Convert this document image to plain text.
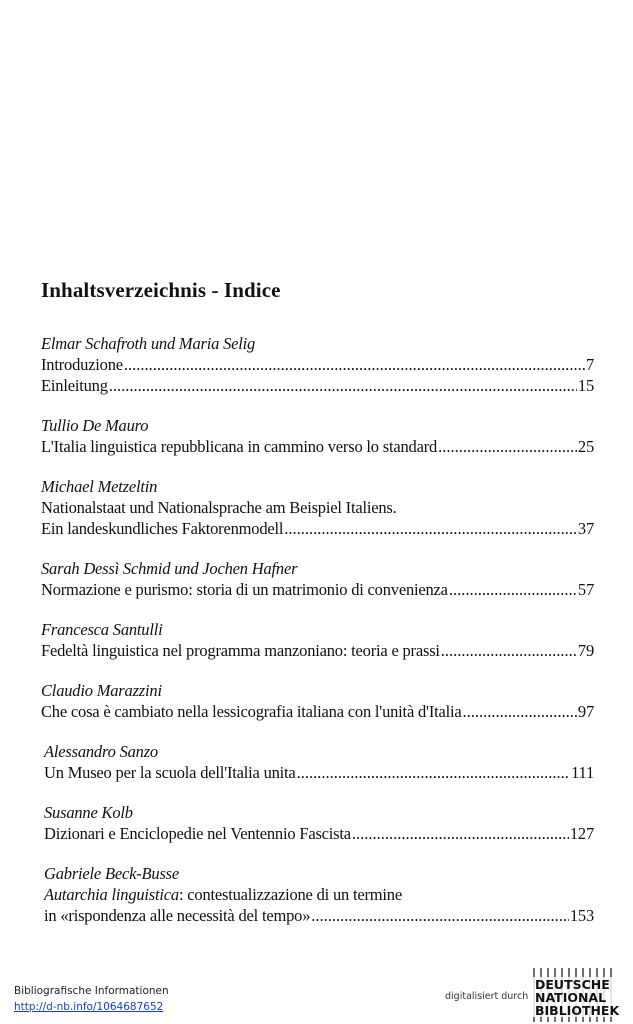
Inhaltsverzeichnis - Indice
Elmar Schafroth und Maria Selig
Introduzione .....	7
Einleitung .....	15
Tullio De Mauro
L'Italia linguistica repubblicana in cammino verso lo standard .....	25
Michael Metzeltin
Nationalstaat und Nationalsprache am Beispiel Italiens.
Ein landeskundliches Faktorenmodell .....	37
Sarah Dessì Schmid und Jochen Hafner
Normazione e purismo: storia di un matrimonio di convenienza .....	57
Francesca Santulli
Fedeltà linguistica nel programma manzoniano: teoria e prassi .....	79
Claudio Marazzini
Che cosa è cambiato nella lessicografia italiana con l'unità d'Italia .....	97
Alessandro Sanzo
Un Museo per la scuola dell'Italia unita .....	111
Susanne Kolb
Dizionari e Enciclopedie nel Ventennio Fascista .....	127
Gabriele Beck-Busse
Autarchia linguistica: contestualizzazione di un termine
in «rispondenza alle necessità del tempo» .....	153
Bibliografische Informationen
http://d-nb.info/1064687652
digitalisiert durch
DEUTSCHE
NATIONAL
BIBLIOTHEK
